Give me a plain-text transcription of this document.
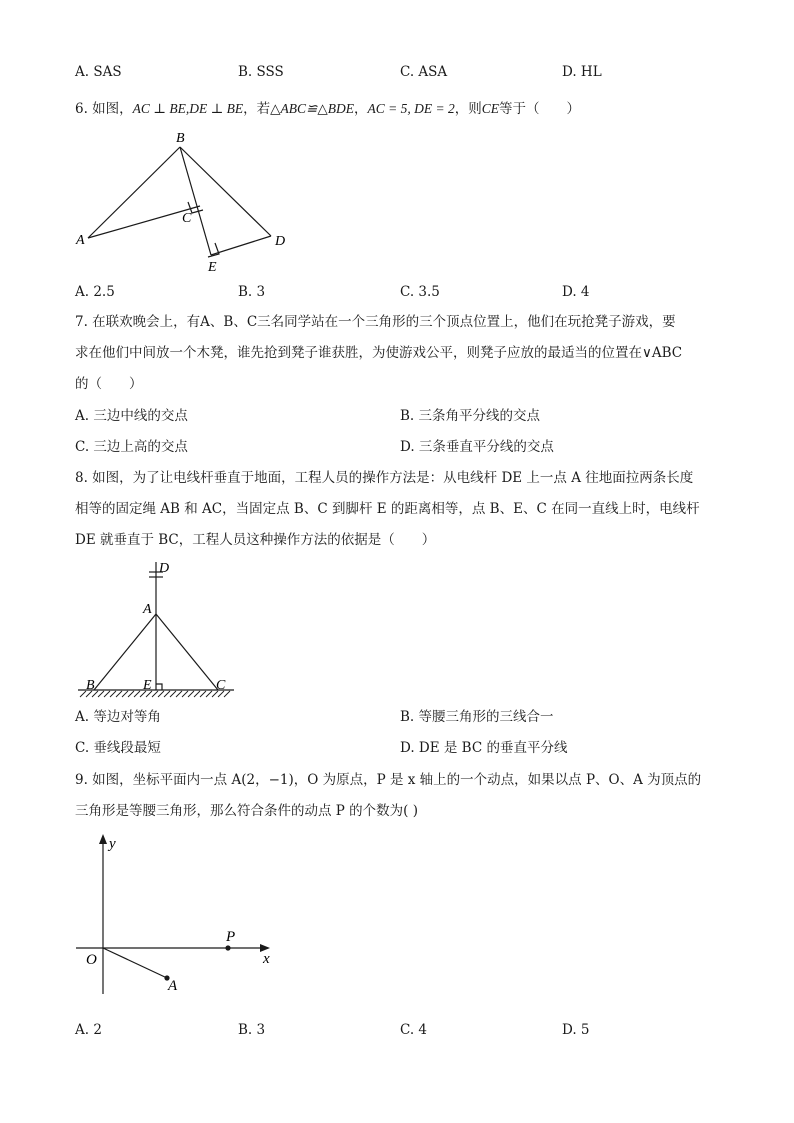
A. SAS	B. SSS	C. ASA	D. HL
6. 如图，AC ⊥ BE,DE ⊥ BE，若△ABC≌△BDE，AC = 5, DE = 2，则CE等于（　　）
B
C
A	D
E
A. 2.5	B. 3	C. 3.5	D. 4
7. 在联欢晚会上，有A、B、C三名同学站在一个三角形的三个顶点位置上，他们在玩抢凳子游戏，要
求在他们中间放一个木凳，谁先抢到凳子谁获胜，为使游戏公平，则凳子应放的最适当的位置在∨ABC
的（　　）
A. 三边中线的交点	B. 三条角平分线的交点
C. 三边上高的交点	D. 三条垂直平分线的交点
8. 如图，为了让电线杆垂直于地面，工程人员的操作方法是：从电线杆 DE 上一点 A 往地面拉两条长度
相等的固定绳 AB 和 AC，当固定点 B、C 到脚杆 E 的距离相等，点 B、E、C 在同一直线上时，电线杆
DE 就垂直于 BC，工程人员这种操作方法的依据是（　　）
D
A
B	E	C
A. 等边对等角	B. 等腰三角形的三线合一
C. 垂线段最短	D. DE 是 BC 的垂直平分线
9. 如图，坐标平面内一点 A(2，−1)，O 为原点，P 是 x 轴上的一个动点，如果以点 P、O、A 为顶点的
三角形是等腰三角形，那么符合条件的动点 P 的个数为( )
y
x
O
P
A
A. 2	B. 3	C. 4	D. 5
